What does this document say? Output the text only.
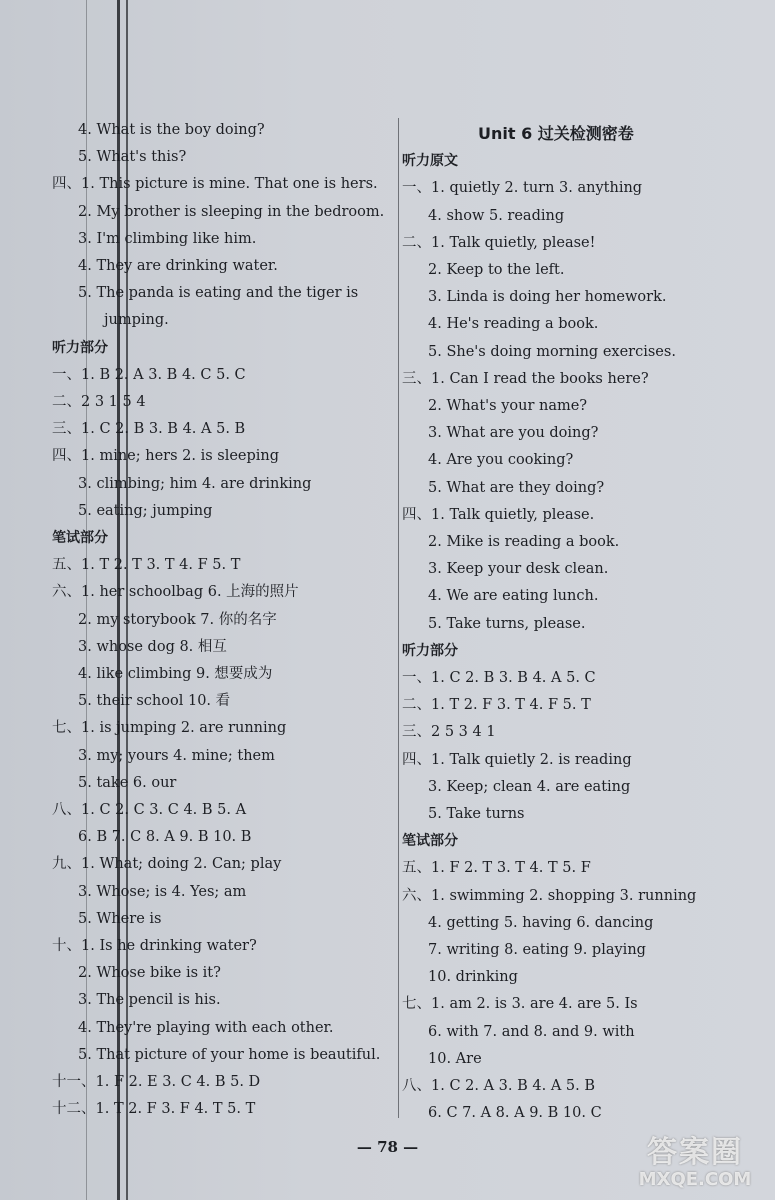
4. What is the boy doing?
5. What's this?
四、1. This picture is mine. That one is hers.
2. My brother is sleeping in the bedroom.
3. I'm climbing like him.
4. They are drinking water.
5. The panda is eating and the tiger is
jumping.
听力部分
一、1. B 2. A 3. B 4. C 5. C
二、2 3 1 5 4
三、1. C 2. B 3. B 4. A 5. B
四、1. mine; hers 2. is sleeping
3. climbing; him 4. are drinking
5. eating; jumping
笔试部分
五、1. T 2. T 3. T 4. F 5. T
六、1. her schoolbag 6. 上海的照片
2. my storybook 7. 你的名字
3. whose dog 8. 相互
4. like climbing 9. 想要成为
5. their school 10. 看
七、1. is jumping 2. are running
3. my; yours 4. mine; them
5. take 6. our
八、1. C 2. C 3. C 4. B 5. A
6. B 7. C 8. A 9. B 10. B
九、1. What; doing 2. Can; play
3. Whose; is 4. Yes; am
5. Where is
十、1. Is he drinking water?
2. Whose bike is it?
3. The pencil is his.
4. They're playing with each other.
5. That picture of your home is beautiful.
十一、1. F 2. E 3. C 4. B 5. D
十二、1. T 2. F 3. F 4. T 5. T
Unit 6 过关检测密卷
听力原文
一、1. quietly 2. turn 3. anything
4. show 5. reading
二、1. Talk quietly, please!
2. Keep to the left.
3. Linda is doing her homework.
4. He's reading a book.
5. She's doing morning exercises.
三、1. Can I read the books here?
2. What's your name?
3. What are you doing?
4. Are you cooking?
5. What are they doing?
四、1. Talk quietly, please.
2. Mike is reading a book.
3. Keep your desk clean.
4. We are eating lunch.
5. Take turns, please.
听力部分
一、1. C 2. B 3. B 4. A 5. C
二、1. T 2. F 3. T 4. F 5. T
三、2 5 3 4 1
四、1. Talk quietly 2. is reading
3. Keep; clean 4. are eating
5. Take turns
笔试部分
五、1. F 2. T 3. T 4. T 5. F
六、1. swimming 2. shopping 3. running
4. getting 5. having 6. dancing
7. writing 8. eating 9. playing
10. drinking
七、1. am 2. is 3. are 4. are 5. Is
6. with 7. and 8. and 9. with
10. Are
八、1. C 2. A 3. B 4. A 5. B
6. C 7. A 8. A 9. B 10. C
— 78 —	答案圈
MXQE.COM
